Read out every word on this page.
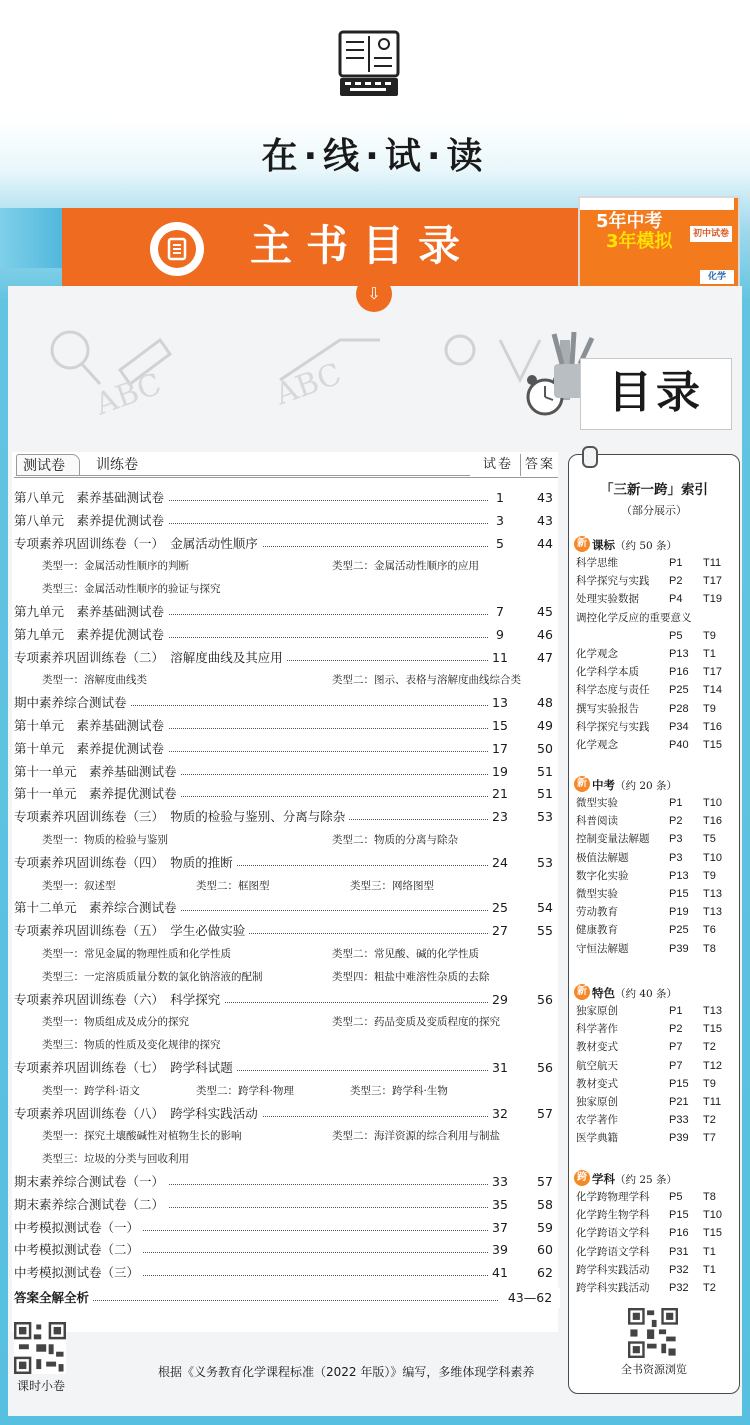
在·线·试·读
主书目录	5年中考
3年模拟	初中试卷
化学
⇩
ABC	ABC	目录
测试卷	训练卷	试卷 答案
第八单元　素养基础测试卷	1	43
第八单元　素养提优测试卷	3	43
专项素养巩固训练卷（一）　金属活动性顺序	5	44
类型一：金属活动性顺序的判断	类型二：金属活动性顺序的应用
类型三：金属活动性顺序的验证与探究
第九单元　素养基础测试卷	7	45
第九单元　素养提优测试卷	9	46
专项素养巩固训练卷（二）　溶解度曲线及其应用	11	47
类型一：溶解度曲线类	类型二：图示、表格与溶解度曲线综合类
期中素养综合测试卷	13	48
第十单元　素养基础测试卷	15	49
第十单元　素养提优测试卷	17	50
第十一单元　素养基础测试卷	19	51
第十一单元　素养提优测试卷	21	51
专项素养巩固训练卷（三）　物质的检验与鉴别、分离与除杂	23	53
类型一：物质的检验与鉴别	类型二：物质的分离与除杂
专项素养巩固训练卷（四）　物质的推断	24	53
类型一：叙述型	类型二：框图型	类型三：网络图型
第十二单元　素养综合测试卷	25	54
专项素养巩固训练卷（五）　学生必做实验	27	55
类型一：常见金属的物理性质和化学性质	类型二：常见酸、碱的化学性质
类型三：一定溶质质量分数的氯化钠溶液的配制	类型四：粗盐中难溶性杂质的去除
专项素养巩固训练卷（六）　科学探究	29	56
类型一：物质组成及成分的探究	类型二：药品变质及变质程度的探究
类型三：物质的性质及变化规律的探究
专项素养巩固训练卷（七）　跨学科试题	31	56
类型一：跨学科·语文	类型二：跨学科·物理	类型三：跨学科·生物
专项素养巩固训练卷（八）　跨学科实践活动	32	57
类型一：探究土壤酸碱性对植物生长的影响	类型二：海洋资源的综合利用与制盐
类型三：垃圾的分类与回收利用
期末素养综合测试卷（一）	33	57
期末素养综合测试卷（二）	35	58
中考模拟测试卷（一）	37	59
中考模拟测试卷（二）	39	60
中考模拟测试卷（三）	41	62
答案全解全析	43—62
课时小卷
根据《义务教育化学课程标准（2022 年版）》编写，多维体现学科素养
「三新一跨」索引
（部分展示）
新 课标（约 50 条）
科学思维	P1 T11
科学探究与实践 P2 T17
处理实验数据	P4 T19
调控化学反应的重要意义
P5 T9
化学观念	P13 T1
化学科学本质	P16 T17
科学态度与责任 P25 T14
撰写实验报告	P28 T9
科学探究与实践 P34 T16
化学观念	P40 T15
新 中考（约 20 条）
微型实验	P1 T10
科普阅读	P2 T16
控制变量法解题 P3 T5
极值法解题	P3 T10
数字化实验	P13 T9
微型实验	P15 T13
劳动教育	P19 T13
健康教育	P25 T6
守恒法解题	P39 T8
新 特色（约 40 条）
独家原创	P1 T13
科学著作	P2 T15
教材变式	P7 T2
航空航天	P7 T12
教材变式	P15 T9
独家原创	P21 T11
农学著作	P33 T2
医学典籍	P39 T7
跨 学科（约 25 条）
化学跨物理学科 P5 T8
化学跨生物学科 P15 T10
化学跨语文学科 P16 T15
化学跨语文学科 P31 T1
跨学科实践活动 P32 T1
跨学科实践活动 P32 T2
全书资源浏览
